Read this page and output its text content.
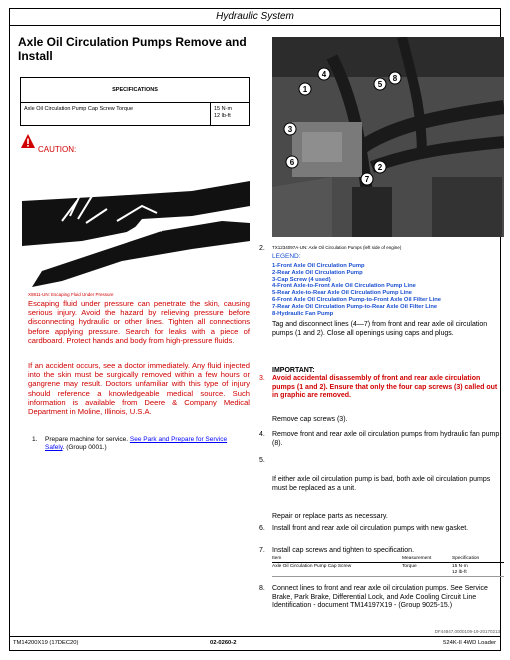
Hydraulic System
Axle Oil Circulation Pumps Remove and Install
SPECIFICATIONS
Axle Oil Circulation Pump Cap Screw Torque	15 N·m
12 lb-ft
CAUTION:
X9811-UN: Escaping Fluid Under Pressure
Escaping fluid under pressure can penetrate the skin, causing serious injury. Avoid the hazard by relieving pressure before disconnecting hydraulic or other lines. Tighten all connections before applying pressure. Search for leaks with a piece of cardboard. Protect hands and body from high-pressure fluids.
If an accident occurs, see a doctor immediately. Any fluid injected into the skin must be surgically removed within a few hours or gangrene may result. Doctors unfamiliar with this type of injury should reference a knowledgeable medical source. Such information is available from Deere & Company Medical Department in Moline, Illinois, U.S.A.
1. Prepare machine for service. See Park and Prepare for Service Safely. (Group 0001.)
1
4
3
6
5
8
2
7
2. TX1234097A-UN: Axle Oil Circulation Pumps (left side of engine)
LEGEND:
1-Front Axle Oil Circulation Pump
2-Rear Axle Oil Circulation Pump
3-Cap Screw (4 used)
4-Front Axle-to-Front Axle Oil Circulation Pump Line
5-Rear Axle-to-Rear Axle Oil Circulation Pump Line
6-Front Axle Oil Circulation Pump-to-Front Axle Oil Filter Line
7-Rear Axle Oil Circulation Pump-to-Rear Axle Oil Filter Line
8-Hydraulic Fan Pump
Tag and disconnect lines (4—7) from front and rear axle oil circulation pumps (1 and 2). Close all openings using caps and plugs.
IMPORTANT:
3. Avoid accidental disassembly of front and rear axle circulation pumps (1 and 2). Ensure that only the four cap screws (3) called out in graphic are removed.
Remove cap screws (3).
4. Remove front and rear axle oil circulation pumps from hydraulic fan pump (8).
5.
If either axle oil circulation pump is bad, both axle oil circulation pumps must be replaced as a unit.
Repair or replace parts as necessary.
6. Install front and rear axle oil circulation pumps with new gasket.
7. Install cap screws and tighten to specification.
Item	Measurement	Specification
Axle Oil Circulation Pump Cap Screw	Torque	15 N·m
12 lb-ft
8. Connect lines to front and rear axle oil circulation pumps. See Service Brake, Park Brake, Differential Lock, and Axle Cooling Circuit Line Identification - document TM14197X19 - (Group 9025-15.)
DF44847,0000109-19-20170213
TM14200X19 (17DEC20)	02-0260-2	524K-II 4WD Loader
